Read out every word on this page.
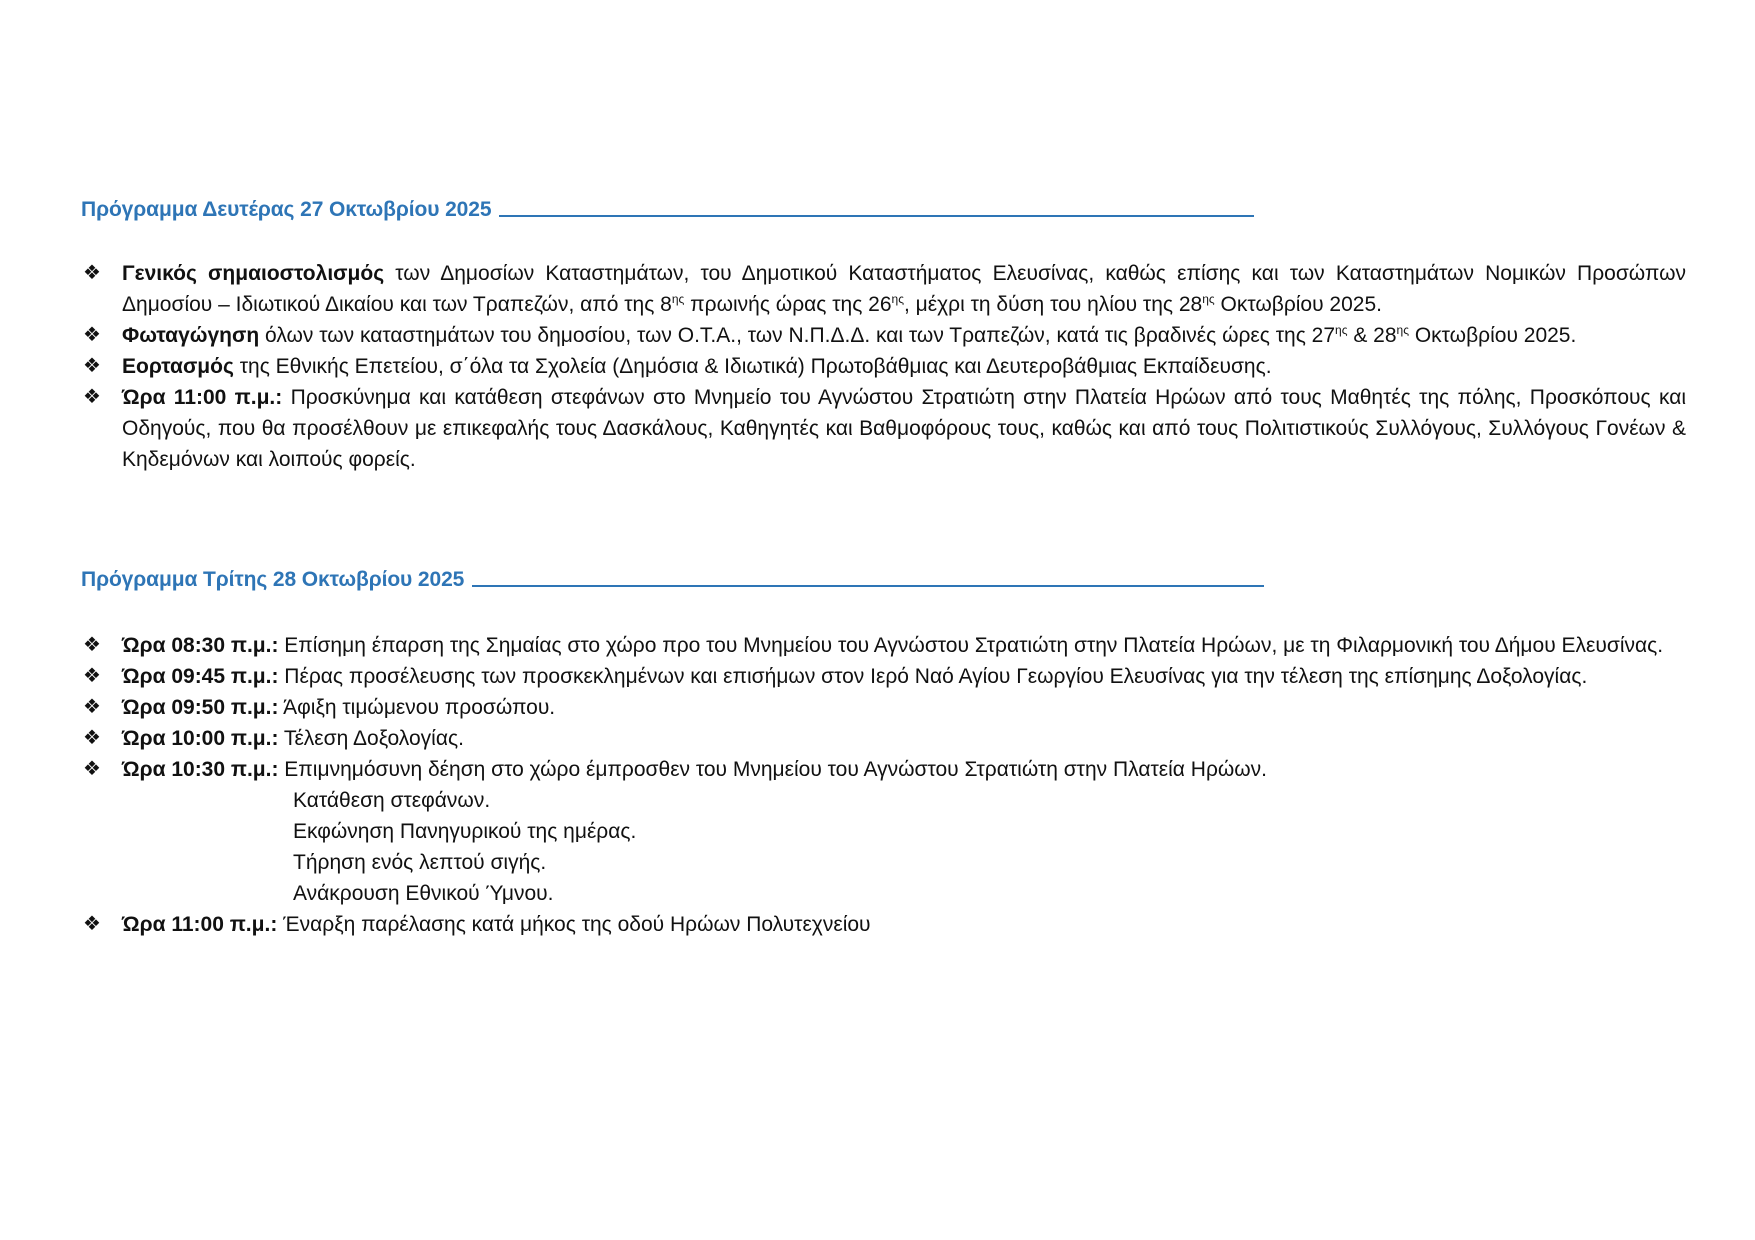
Πρόγραμμα Δευτέρας 27 Οκτωβρίου 2025
❖ Γενικός σημαιοστολισμός των Δημοσίων Καταστημάτων, του Δημοτικού Καταστήματος Ελευσίνας, καθώς επίσης και των Καταστημάτων Νομικών Προσώπων Δημοσίου – Ιδιωτικού Δικαίου και των Τραπεζών, από της $8^{\eta\varsigma}$ πρωινής ώρας της $26^{\eta\varsigma}$, μέχρι τη δύση του ηλίου της $28^{\eta\varsigma}$ Οκτωβρίου 2025.
❖ Φωταγώγηση όλων των καταστημάτων του δημοσίου, των Ο.Τ.Α., των Ν.Π.Δ.Δ. και των Τραπεζών, κατά τις βραδινές ώρες της $27^{\eta\varsigma}$ & $28^{\eta\varsigma}$ Οκτωβρίου 2025.
❖ Εορτασμός της Εθνικής Επετείου, σ΄όλα τα Σχολεία (Δημόσια & Ιδιωτικά) Πρωτοβάθμιας και Δευτεροβάθμιας Εκπαίδευσης.
❖ Ώρα 11:00 π.μ.: Προσκύνημα και κατάθεση στεφάνων στο Μνημείο του Αγνώστου Στρατιώτη στην Πλατεία Ηρώων από τους Μαθητές της πόλης, Προσκόπους και Οδηγούς, που θα προσέλθουν με επικεφαλής τους Δασκάλους, Καθηγητές και Βαθμοφόρους τους, καθώς και από τους Πολιτιστικούς Συλλόγους, Συλλόγους Γονέων & Κηδεμόνων και λοιπούς φορείς.
Πρόγραμμα Τρίτης 28 Οκτωβρίου 2025
❖ Ώρα 08:30 π.μ.: Επίσημη έπαρση της Σημαίας στο χώρο προ του Μνημείου του Αγνώστου Στρατιώτη στην Πλατεία Ηρώων, με τη Φιλαρμονική του Δήμου Ελευσίνας.
❖ Ώρα 09:45 π.μ.: Πέρας προσέλευσης των προσκεκλημένων και επισήμων στον Ιερό Ναό Αγίου Γεωργίου Ελευσίνας για την τέλεση της επίσημης Δοξολογίας.
❖ Ώρα 09:50 π.μ.: Άφιξη τιμώμενου προσώπου.
❖ Ώρα 10:00 π.μ.: Τέλεση Δοξολογίας.
❖ Ώρα 10:30 π.μ.: Επιμνημόσυνη δέηση στο χώρο έμπροσθεν του Μνημείου του Αγνώστου Στρατιώτη στην Πλατεία Ηρώων.
Κατάθεση στεφάνων.
Εκφώνηση Πανηγυρικού της ημέρας.
Τήρηση ενός λεπτού σιγής.
Ανάκρουση Εθνικού Ύμνου.
❖ Ώρα 11:00 π.μ.: Έναρξη παρέλασης κατά μήκος της οδού Ηρώων Πολυτεχνείου
